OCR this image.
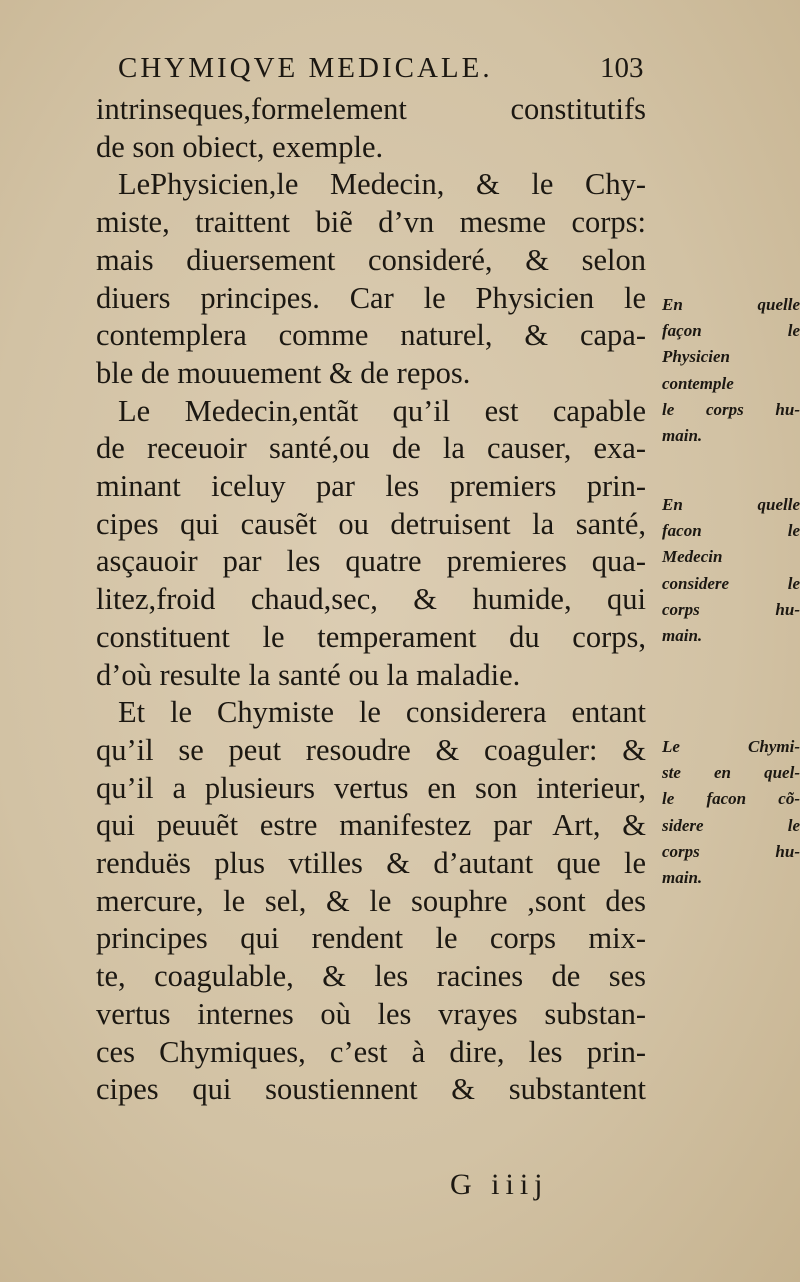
CHYMIQVE MEDICALE.	103
intrinseques,formelement constitutifs
de son obiect, exemple.
LePhysicien,le Medecin, & le Chy-
miste, traittent biẽ d’vn mesme corps:
mais diuersement consideré, & selon
diuers principes. Car le Physicien le
contemplera comme naturel, & capa-
ble de mouuement & de repos.
Le Medecin,entãt qu’il est capable
de receuoir santé,ou de la causer, exa-
minant iceluy par les premiers prin-
cipes qui causẽt ou detruisent la santé,
asçauoir par les quatre premieres qua-
litez,froid chaud,sec, & humide, qui
constituent le temperament du corps,
d’où resulte la santé ou la maladie.
Et le Chymiste le considerera entant
qu’il se peut resoudre & coaguler: &
qu’il a plusieurs vertus en son interieur,
qui peuuẽt estre manifestez par Art, &
renduës plus vtilles & d’autant que le
mercure, le sel, & le souphre ,sont des
principes qui rendent le corps mix-
te, coagulable, & les racines de ses
vertus internes où les vrayes substan-
ces Chymiques, c’est à dire, les prin-
cipes qui soustiennent & substantent
En quelle
façon le
Physicien
contemple
le corps hu-
main.
En quelle
facon le
Medecin
considere le
corps hu-
main.
Le Chymi-
ste en quel-
le facon cõ-
sidere le
corps hu-
main.
G iiij
